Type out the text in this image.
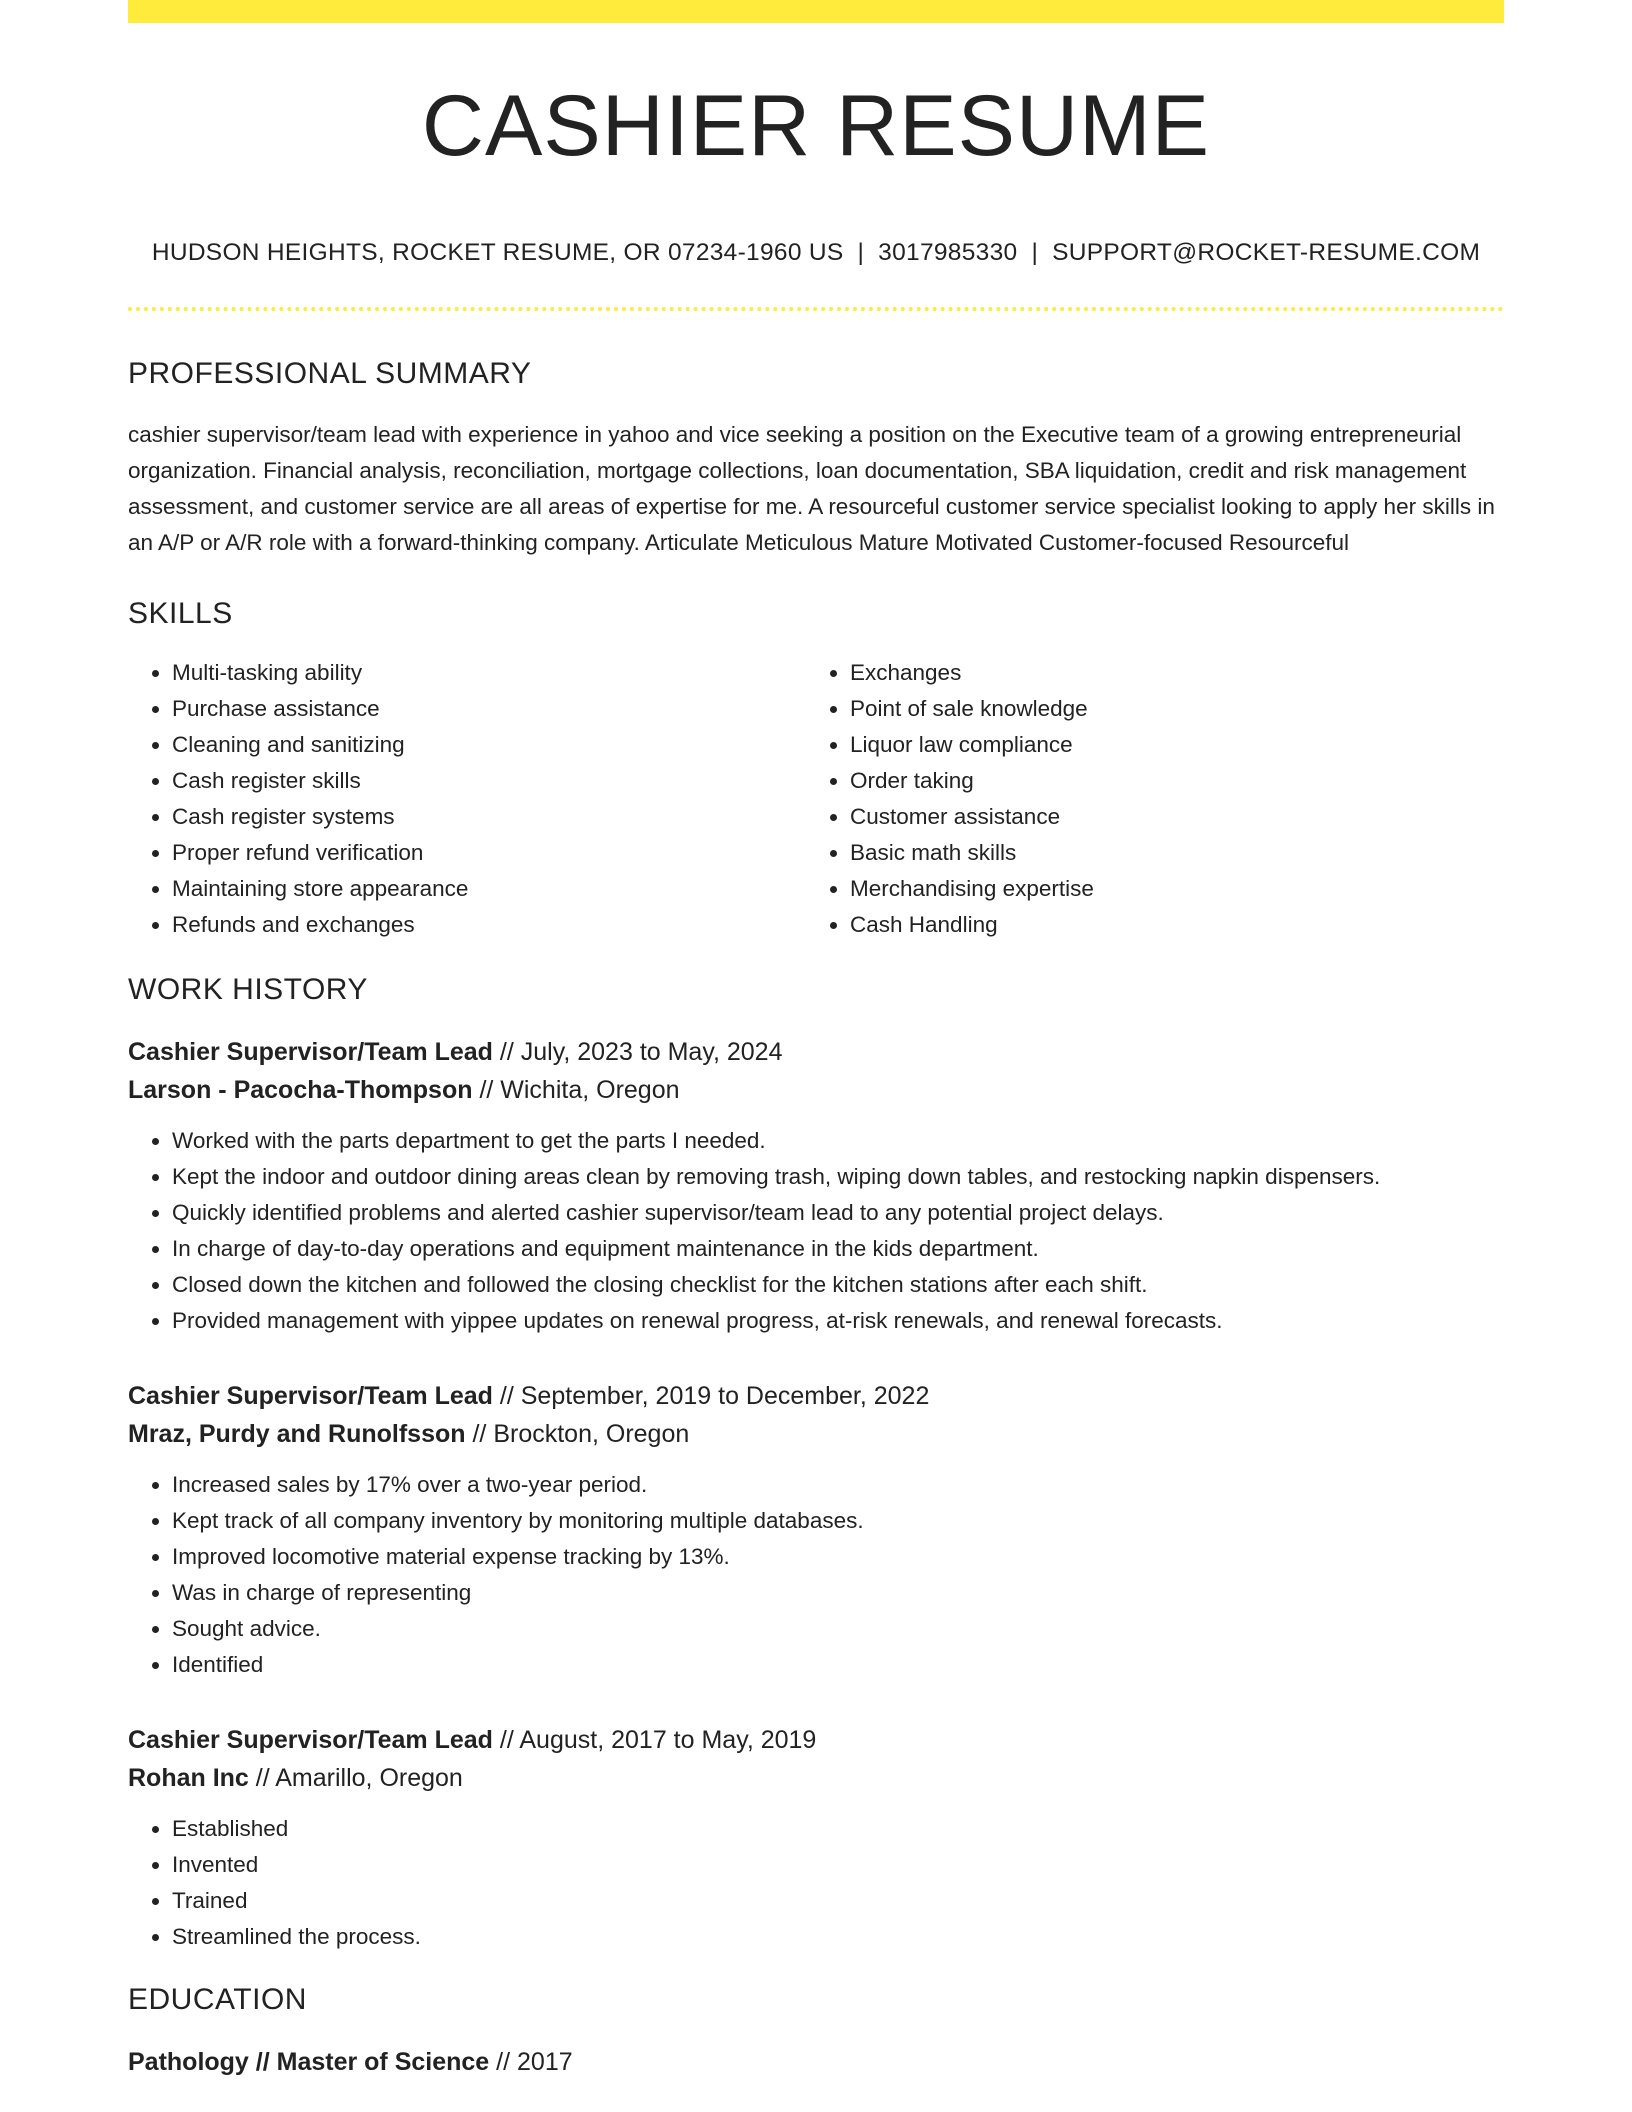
CASHIER RESUME
HUDSON HEIGHTS, ROCKET RESUME, OR 07234-1960 US | 3017985330 | SUPPORT@ROCKET-RESUME.COM
PROFESSIONAL SUMMARY
cashier supervisor/team lead with experience in yahoo and vice seeking a position on the Executive team of a growing entrepreneurial organization. Financial analysis, reconciliation, mortgage collections, loan documentation, SBA liquidation, credit and risk management assessment, and customer service are all areas of expertise for me. A resourceful customer service specialist looking to apply her skills in an A/P or A/R role with a forward-thinking company. Articulate Meticulous Mature Motivated Customer-focused Resourceful
SKILLS
• Multi-tasking ability
• Purchase assistance
• Cleaning and sanitizing
• Cash register skills
• Cash register systems
• Proper refund verification
• Maintaining store appearance
• Refunds and exchanges
• Exchanges
• Point of sale knowledge
• Liquor law compliance
• Order taking
• Customer assistance
• Basic math skills
• Merchandising expertise
• Cash Handling
WORK HISTORY
Cashier Supervisor/Team Lead // July, 2023 to May, 2024
Larson - Pacocha-Thompson // Wichita, Oregon
• Worked with the parts department to get the parts I needed.
• Kept the indoor and outdoor dining areas clean by removing trash, wiping down tables, and restocking napkin dispensers.
• Quickly identified problems and alerted cashier supervisor/team lead to any potential project delays.
• In charge of day-to-day operations and equipment maintenance in the kids department.
• Closed down the kitchen and followed the closing checklist for the kitchen stations after each shift.
• Provided management with yippee updates on renewal progress, at-risk renewals, and renewal forecasts.
Cashier Supervisor/Team Lead // September, 2019 to December, 2022
Mraz, Purdy and Runolfsson // Brockton, Oregon
• Increased sales by 17% over a two-year period.
• Kept track of all company inventory by monitoring multiple databases.
• Improved locomotive material expense tracking by 13%.
• Was in charge of representing
• Sought advice.
• Identified
Cashier Supervisor/Team Lead // August, 2017 to May, 2019
Rohan Inc // Amarillo, Oregon
• Established
• Invented
• Trained
• Streamlined the process.
EDUCATION
Pathology // Master of Science // 2017
